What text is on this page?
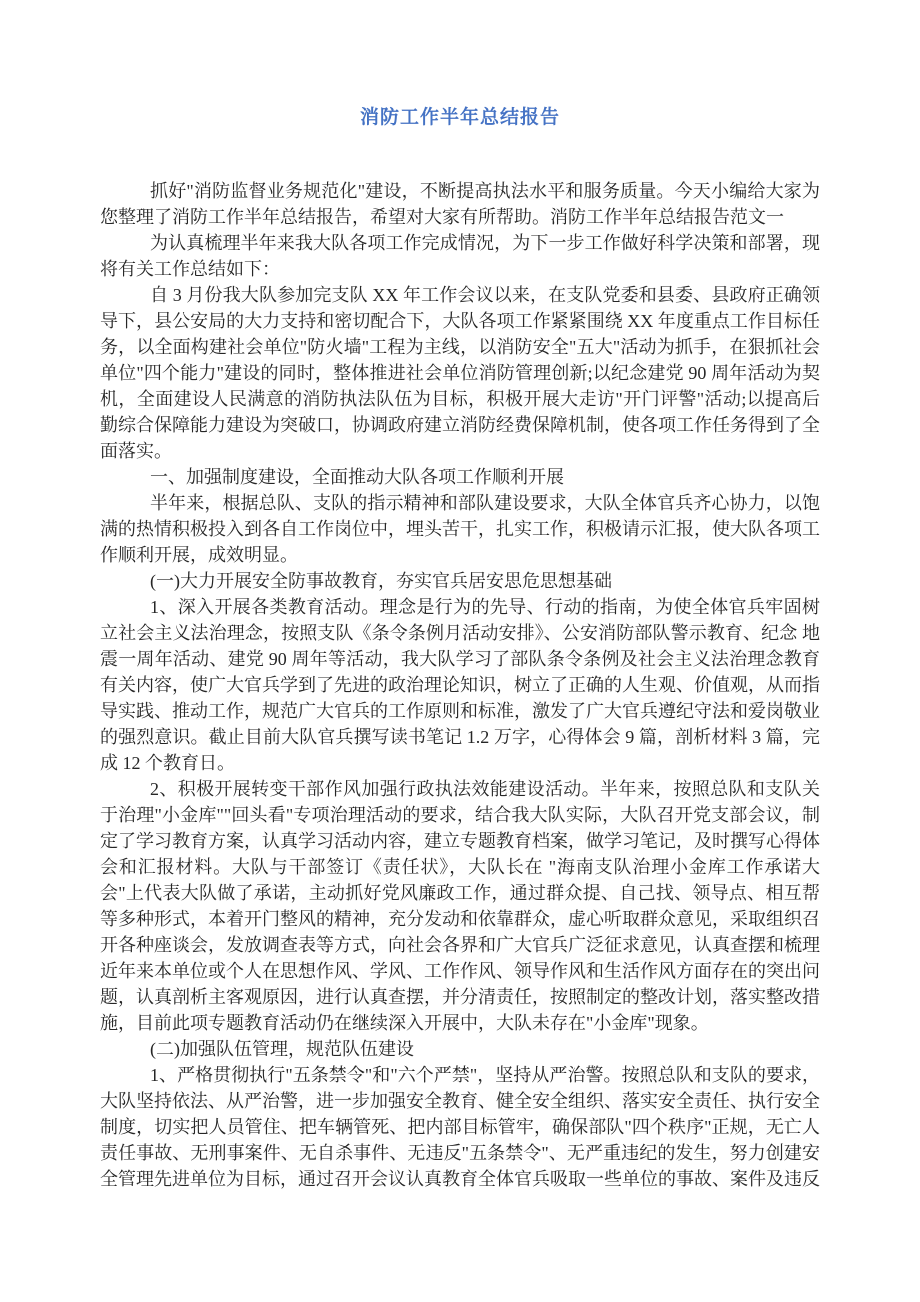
消防工作半年总结报告

抓好"消防监督业务规范化"建设，不断提高执法水平和服务质量。今天小编给大家为您整理了消防工作半年总结报告，希望对大家有所帮助。消防工作半年总结报告范文一

为认真梳理半年来我大队各项工作完成情况，为下一步工作做好科学决策和部署，现将有关工作总结如下：

自 3 月份我大队参加完支队 XX 年工作会议以来，在支队党委和县委、县政府正确领导下，县公安局的大力支持和密切配合下，大队各项工作紧紧围绕 XX 年度重点工作目标任务，以全面构建社会单位"防火墙"工程为主线，以消防安全"五大"活动为抓手，在狠抓社会单位"四个能力"建设的同时，整体推进社会单位消防管理创新;以纪念建党 90 周年活动为契机，全面建设人民满意的消防执法队伍为目标，积极开展大走访"开门评警"活动;以提高后勤综合保障能力建设为突破口，协调政府建立消防经费保障机制，使各项工作任务得到了全面落实。

一、加强制度建设，全面推动大队各项工作顺利开展

半年来，根据总队、支队的指示精神和部队建设要求，大队全体官兵齐心协力，以饱满的热情积极投入到各自工作岗位中，埋头苦干，扎实工作，积极请示汇报，使大队各项工作顺利开展，成效明显。

(一)大力开展安全防事故教育，夯实官兵居安思危思想基础

1、深入开展各类教育活动。理念是行为的先导、行动的指南，为使全体官兵牢固树立社会主义法治理念，按照支队《条令条例月活动安排》、公安消防部队警示教育、纪念 地震一周年活动、建党 90 周年等活动，我大队学习了部队条令条例及社会主义法治理念教育有关内容，使广大官兵学到了先进的政治理论知识，树立了正确的人生观、价值观，从而指导实践、推动工作，规范广大官兵的工作原则和标准，激发了广大官兵遵纪守法和爱岗敬业的强烈意识。截止目前大队官兵撰写读书笔记 1.2 万字，心得体会 9 篇，剖析材料 3 篇，完成 12 个教育日。

2、积极开展转变干部作风加强行政执法效能建设活动。半年来，按照总队和支队关于治理"小金库""回头看"专项治理活动的要求，结合我大队实际，大队召开党支部会议，制定了学习教育方案，认真学习活动内容，建立专题教育档案，做学习笔记，及时撰写心得体会和汇报材料。大队与干部签订《责任状》，大队长在 "海南支队治理小金库工作承诺大会"上代表大队做了承诺，主动抓好党风廉政工作，通过群众提、自己找、领导点、相互帮等多种形式，本着开门整风的精神，充分发动和依靠群众，虚心听取群众意见，采取组织召开各种座谈会，发放调查表等方式，向社会各界和广大官兵广泛征求意见，认真查摆和梳理近年来本单位或个人在思想作风、学风、工作作风、领导作风和生活作风方面存在的突出问题，认真剖析主客观原因，进行认真查摆，并分清责任，按照制定的整改计划，落实整改措施，目前此项专题教育活动仍在继续深入开展中，大队未存在"小金库"现象。

(二)加强队伍管理，规范队伍建设

1、严格贯彻执行"五条禁令"和"六个严禁"，坚持从严治警。按照总队和支队的要求，大队坚持依法、从严治警，进一步加强安全教育、健全安全组织、落实安全责任、执行安全制度，切实把人员管住、把车辆管死、把内部目标管牢，确保部队"四个秩序"正规，无亡人责任事故、无刑事案件、无自杀事件、无违反"五条禁令"、无严重违纪的发生，努力创建安全管理先进单位为目标，通过召开会议认真教育全体官兵吸取一些单位的事故、案件及违反
